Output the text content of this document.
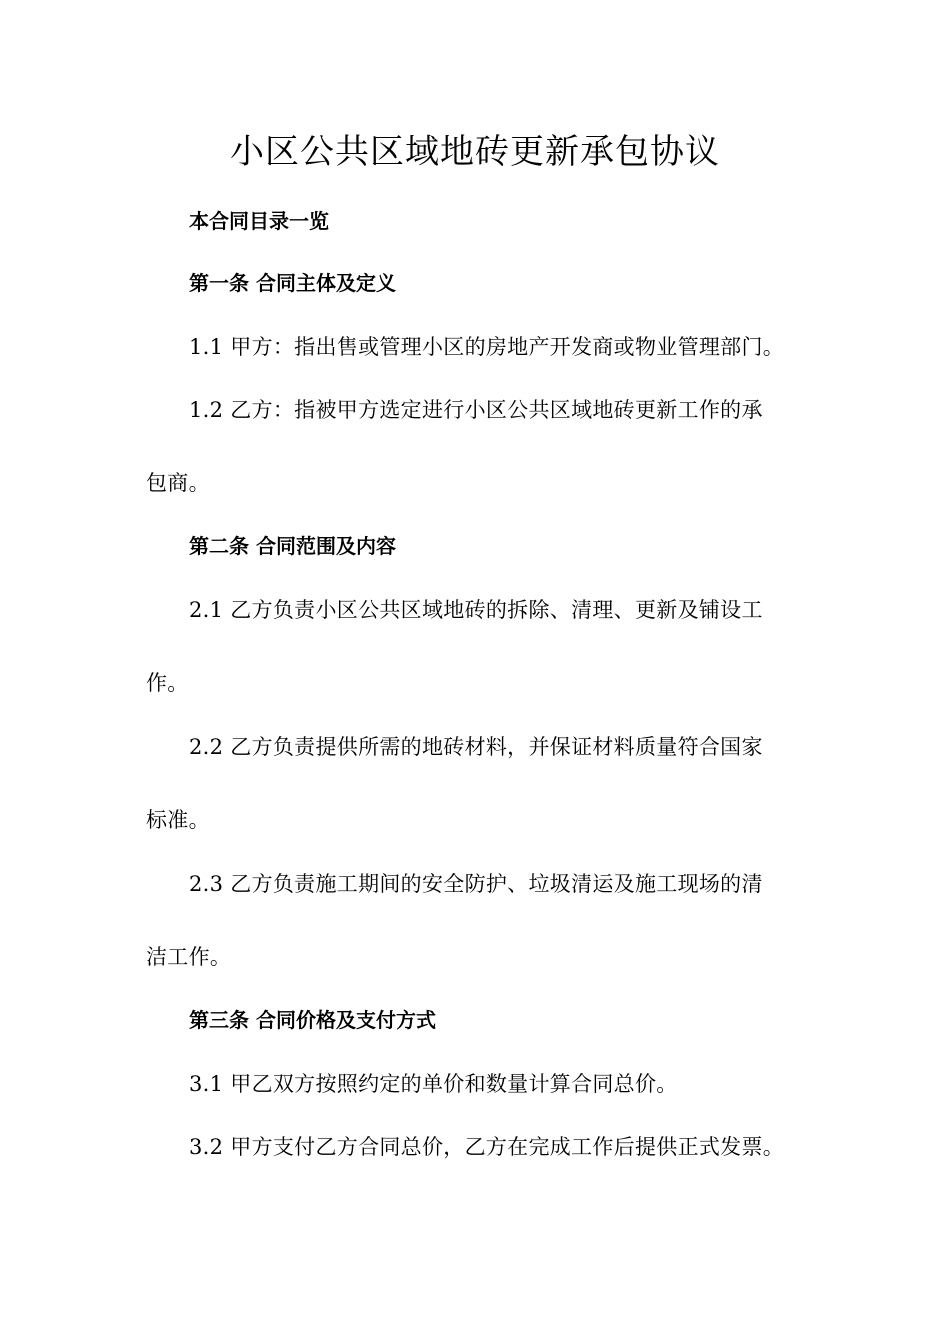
小区公共区域地砖更新承包协议
本合同目录一览
第一条 合同主体及定义
1.1 甲方：指出售或管理小区的房地产开发商或物业管理部门。
1.2 乙方：指被甲方选定进行小区公共区域地砖更新工作的承
包商。
第二条 合同范围及内容
2.1 乙方负责小区公共区域地砖的拆除、清理、更新及铺设工
作。
2.2 乙方负责提供所需的地砖材料，并保证材料质量符合国家
标准。
2.3 乙方负责施工期间的安全防护、垃圾清运及施工现场的清
洁工作。
第三条 合同价格及支付方式
3.1 甲乙双方按照约定的单价和数量计算合同总价。
3.2 甲方支付乙方合同总价，乙方在完成工作后提供正式发票。
